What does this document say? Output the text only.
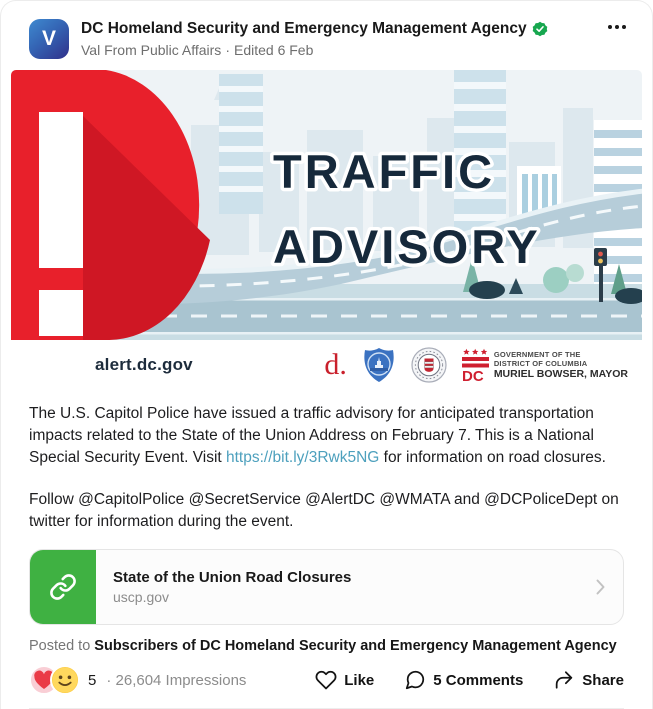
V DC Homeland Security and Emergency Management Agency
Val From Public Affairs · Edited 6 Feb
TRAFFIC
ADVISORY
alert.dc.gov	d.	DC
GOVERNMENT OF THE
DISTRICT OF COLUMBIA
MURIEL BOWSER, MAYOR

The U.S. Capitol Police have issued a traffic advisory for anticipated transportation impacts related to the State of the Union Address on February 7. This is a National Special Security Event. Visit https://bit.ly/3Rwk5NG for information on road closures.

Follow @CapitolPolice @SecretService @AlertDC @WMATA and @DCPoliceDept on twitter for information during the event.

State of the Union Road Closures
uscp.gov
Posted to Subscribers of DC Homeland Security and Emergency Management Agency
5 · 26,604 Impressions	Like	5 Comments	Share
